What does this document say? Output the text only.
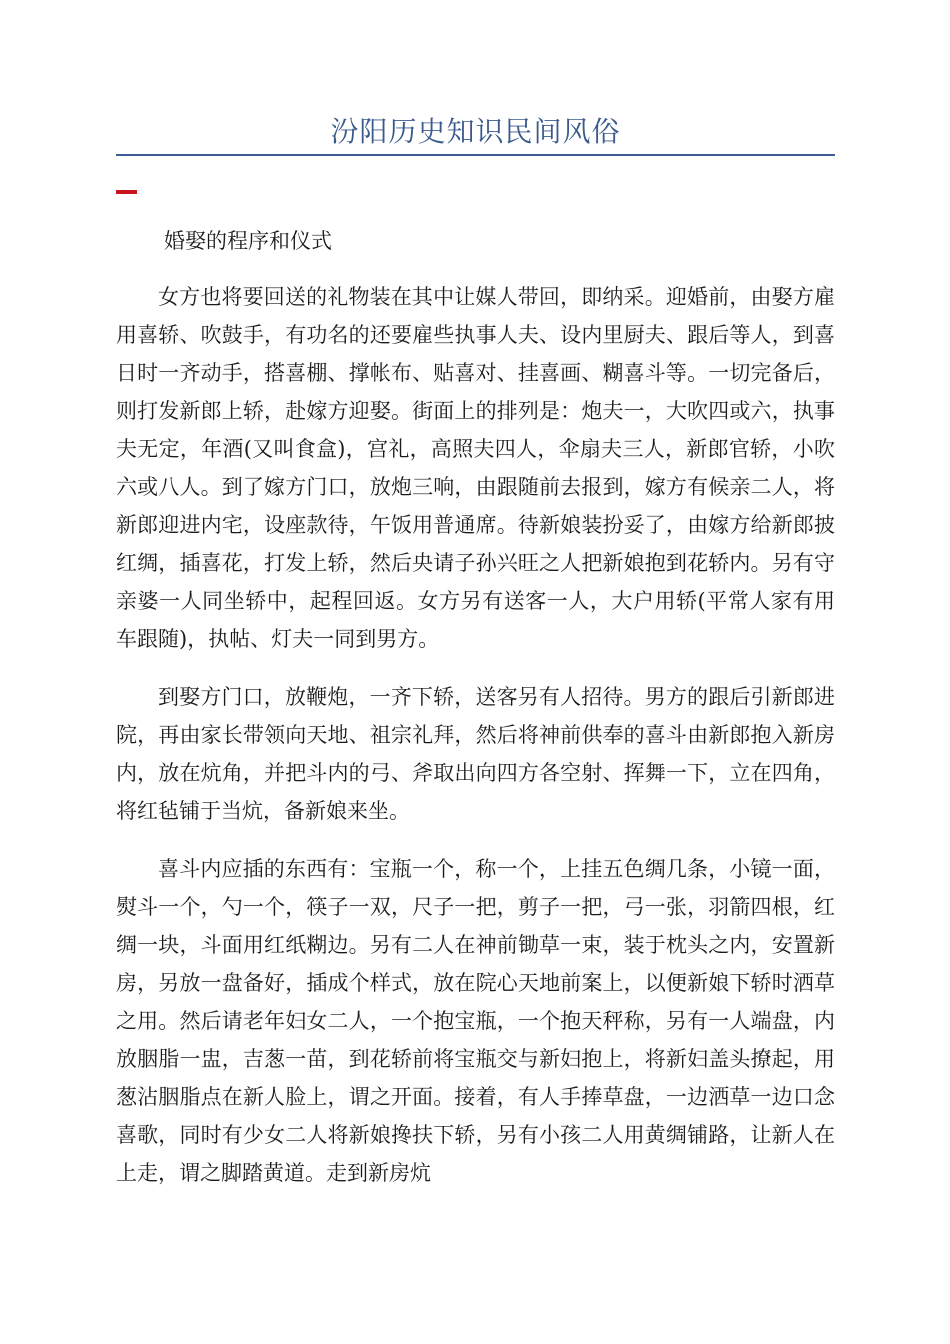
汾阳历史知识民间风俗
婚娶的程序和仪式

女方也将要回送的礼物装在其中让媒人带回，即纳采。迎婚前，由娶方雇用喜轿、吹鼓手，有功名的还要雇些执事人夫、设内里厨夫、跟后等人，到喜日时一齐动手，搭喜棚、撑帐布、贴喜对、挂喜画、糊喜斗等。一切完备后，则打发新郎上轿，赴嫁方迎娶。街面上的排列是：炮夫一，大吹四或六，执事夫无定，年酒(又叫食盒)，宫礼，高照夫四人，伞扇夫三人，新郎官轿，小吹六或八人。到了嫁方门口，放炮三响，由跟随前去报到，嫁方有候亲二人，将新郎迎进内宅，设座款待，午饭用普通席。待新娘装扮妥了，由嫁方给新郎披红绸，插喜花，打发上轿，然后央请子孙兴旺之人把新娘抱到花轿内。另有守亲婆一人同坐轿中，起程回返。女方另有送客一人，大户用轿(平常人家有用车跟随)，执帖、灯夫一同到男方。

到娶方门口，放鞭炮，一齐下轿，送客另有人招待。男方的跟后引新郎进院，再由家长带领向天地、祖宗礼拜，然后将神前供奉的喜斗由新郎抱入新房内，放在炕角，并把斗内的弓、斧取出向四方各空射、挥舞一下，立在四角，将红毡铺于当炕，备新娘来坐。

喜斗内应插的东西有：宝瓶一个，称一个，上挂五色绸几条，小镜一面，熨斗一个，勺一个，筷子一双，尺子一把，剪子一把，弓一张，羽箭四根，红绸一块，斗面用红纸糊边。另有二人在神前锄草一束，装于枕头之内，安置新房，另放一盘备好，插成个样式，放在院心天地前案上，以便新娘下轿时洒草之用。然后请老年妇女二人，一个抱宝瓶，一个抱天秤称，另有一人端盘，内放胭脂一盅，吉葱一苗，到花轿前将宝瓶交与新妇抱上，将新妇盖头撩起，用葱沾胭脂点在新人脸上，谓之开面。接着，有人手捧草盘，一边洒草一边口念喜歌，同时有少女二人将新娘搀扶下轿，另有小孩二人用黄绸铺路，让新人在上走，谓之脚踏黄道。走到新房炕
